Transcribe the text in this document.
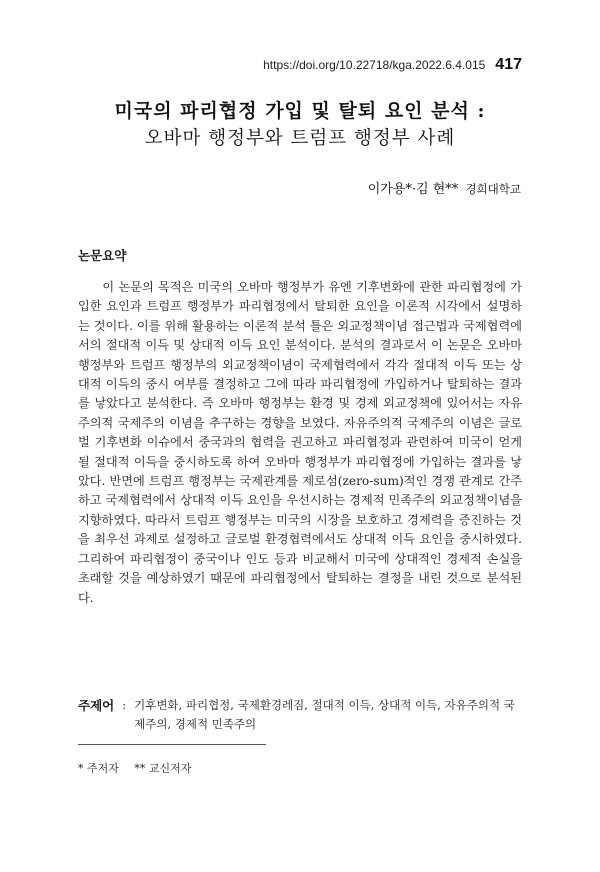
https://doi.org/10.22718/kga.2022.6.4.015 417
미국의 파리협정 가입 및 탈퇴 요인 분석 :
오바마 행정부와 트럼프 행정부 사례
이가용*·김 현** 경희대학교
논문요약

이 논문의 목적은 미국의 오바마 행정부가 유엔 기후변화에 관한 파리협정에 가입한 요인과 트럼프 행정부가 파리협정에서 탈퇴한 요인을 이론적 시각에서 설명하는 것이다. 이를 위해 활용하는 이론적 분석 틀은 외교정책이념 접근법과 국제협력에서의 절대적 이득 및 상대적 이득 요인 분석이다. 분석의 결과로서 이 논문은 오바마 행정부와 트럼프 행정부의 외교정책이념이 국제협력에서 각각 절대적 이득 또는 상대적 이득의 중시 여부를 결정하고 그에 따라 파리협정에 가입하거나 탈퇴하는 결과를 낳았다고 분석한다. 즉 오바마 행정부는 환경 및 경제 외교정책에 있어서는 자유주의적 국제주의 이념을 추구하는 경향을 보였다. 자유주의적 국제주의 이념은 글로벌 기후변화 이슈에서 중국과의 협력을 권고하고 파리협정과 관련하여 미국이 얻게 될 절대적 이득을 중시하도록 하여 오바마 행정부가 파리협정에 가입하는 결과를 낳았다. 반면에 트럼프 행정부는 국제관계를 제로섬(zero-sum)적인 경쟁 관계로 간주하고 국제협력에서 상대적 이득 요인을 우선시하는 경제적 민족주의 외교정책이념을 지향하였다. 따라서 트럼프 행정부는 미국의 시장을 보호하고 경제력을 증진하는 것을 최우선 과제로 설정하고 글로벌 환경협력에서도 상대적 이득 요인을 중시하였다. 그리하여 파리협정이 중국이나 인도 등과 비교해서 미국에 상대적인 경제적 손실을 초래할 것을 예상하였기 때문에 파리협정에서 탈퇴하는 결정을 내린 것으로 분석된다.

주제어 : 기후변화, 파리협정, 국제환경레짐, 절대적 이득, 상대적 이득, 자유주의적 국제주의, 경제적 민족주의
* 주저자 ** 교신저자
